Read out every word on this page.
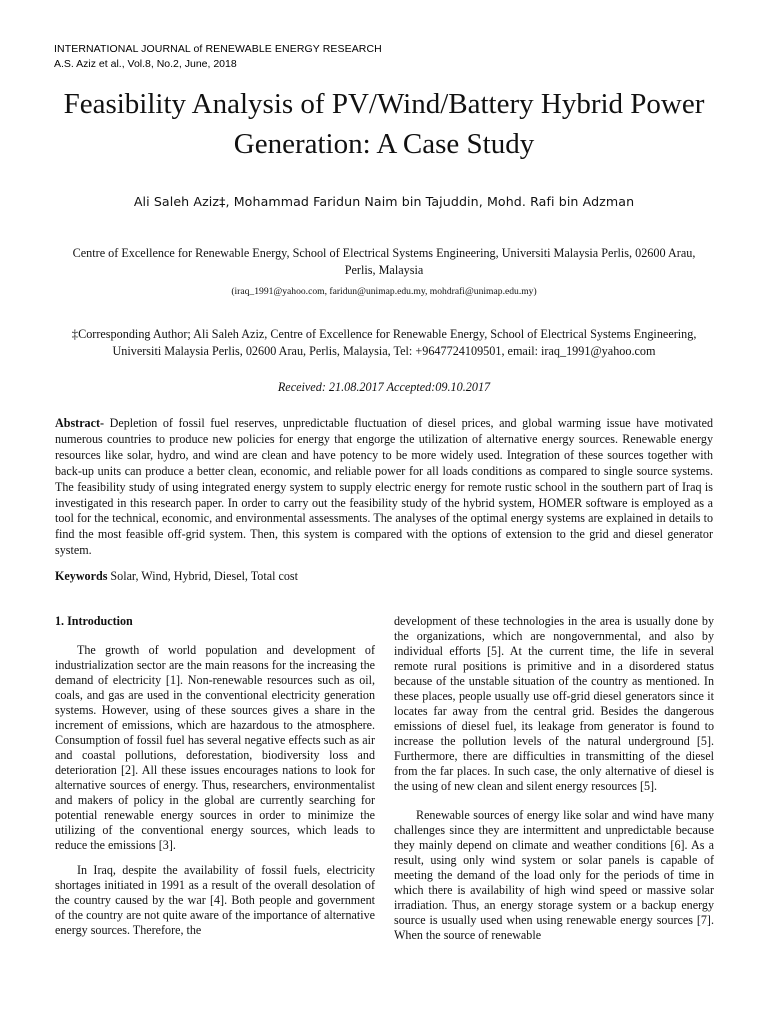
INTERNATIONAL JOURNAL of RENEWABLE ENERGY RESEARCH
A.S. Aziz et al., Vol.8, No.2, June, 2018
Feasibility Analysis of PV/Wind/Battery Hybrid Power Generation: A Case Study
Ali Saleh Aziz‡, Mohammad Faridun Naim bin Tajuddin, Mohd. Rafi bin Adzman
Centre of Excellence for Renewable Energy, School of Electrical Systems Engineering, Universiti Malaysia Perlis, 02600 Arau, Perlis, Malaysia
(iraq_1991@yahoo.com, faridun@unimap.edu.my, mohdrafi@unimap.edu.my)
‡Corresponding Author; Ali Saleh Aziz, Centre of Excellence for Renewable Energy, School of Electrical Systems Engineering, Universiti Malaysia Perlis, 02600 Arau, Perlis, Malaysia, Tel: +9647724109501, email: iraq_1991@yahoo.com
Received: 21.08.2017 Accepted:09.10.2017
Abstract- Depletion of fossil fuel reserves, unpredictable fluctuation of diesel prices, and global warming issue have motivated numerous countries to produce new policies for energy that engorge the utilization of alternative energy sources. Renewable energy resources like solar, hydro, and wind are clean and have potency to be more widely used. Integration of these sources together with back-up units can produce a better clean, economic, and reliable power for all loads conditions as compared to single source systems. The feasibility study of using integrated energy system to supply electric energy for remote rustic school in the southern part of Iraq is investigated in this research paper. In order to carry out the feasibility study of the hybrid system, HOMER software is employed as a tool for the technical, economic, and environmental assessments. The analyses of the optimal energy systems are explained in details to find the most feasible off-grid system. Then, this system is compared with the options of extension to the grid and diesel generator system.
Keywords Solar, Wind, Hybrid, Diesel, Total cost
1. Introduction

The growth of world population and development of industrialization sector are the main reasons for the increasing the demand of electricity [1]. Non-renewable resources such as oil, coals, and gas are used in the conventional electricity generation systems. However, using of these sources gives a share in the increment of emissions, which are hazardous to the atmosphere. Consumption of fossil fuel has several negative effects such as air and coastal pollutions, deforestation, biodiversity loss and deterioration [2]. All these issues encourages nations to look for alternative sources of energy. Thus, researchers, environmentalist and makers of policy in the global are currently searching for potential renewable energy sources in order to minimize the utilizing of the conventional energy sources, which leads to reduce the emissions [3].

In Iraq, despite the availability of fossil fuels, electricity shortages initiated in 1991 as a result of the overall desolation of the country caused by the war [4]. Both people and government of the country are not quite aware of the importance of alternative energy sources. Therefore, the

development of these technologies in the area is usually done by the organizations, which are nongovernmental, and also by individual efforts [5]. At the current time, the life in several remote rural positions is primitive and in a disordered status because of the unstable situation of the country as mentioned. In these places, people usually use off-grid diesel generators since it locates far away from the central grid. Besides the dangerous emissions of diesel fuel, its leakage from generator is found to increase the pollution levels of the natural underground [5]. Furthermore, there are difficulties in transmitting of the diesel from the far places. In such case, the only alternative of diesel is the using of new clean and silent energy resources [5].

Renewable sources of energy like solar and wind have many challenges since they are intermittent and unpredictable because they mainly depend on climate and weather conditions [6]. As a result, using only wind system or solar panels is capable of meeting the demand of the load only for the periods of time in which there is availability of high wind speed or massive solar irradiation. Thus, an energy storage system or a backup energy source is usually used when using renewable energy sources [7]. When the source of renewable
